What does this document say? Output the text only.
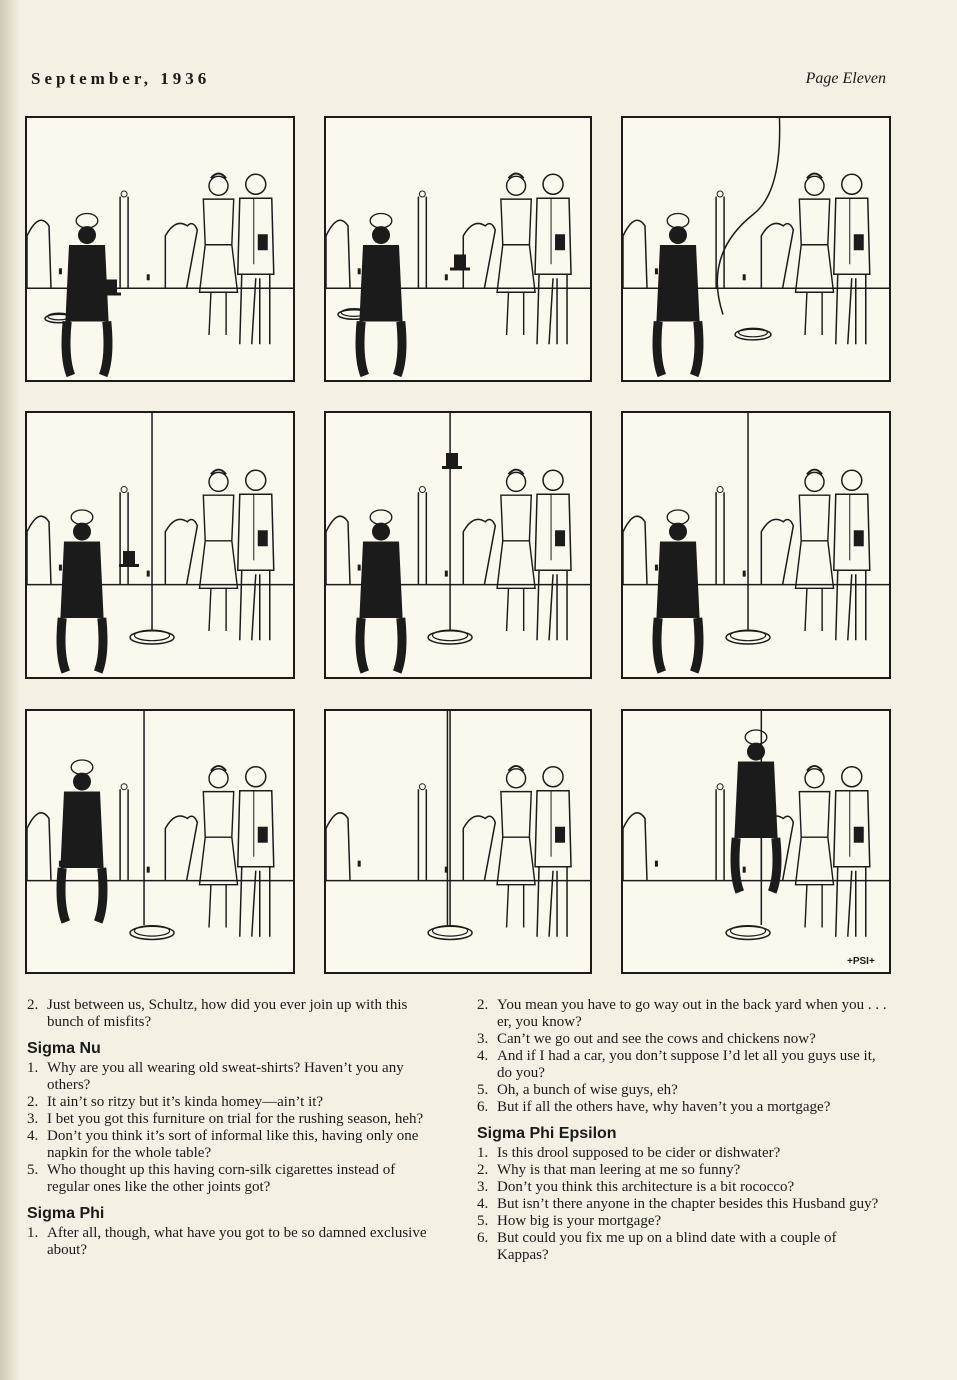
September, 1936	Page Eleven
+PSI+
2. Just between us, Schultz, how did you ever join up with this bunch of misfits?
Sigma Nu
1. Why are you all wearing old sweat-shirts? Haven’t you any others?
2. It ain’t so ritzy but it’s kinda homey—ain’t it?
3. I bet you got this furniture on trial for the rushing season, heh?
4. Don’t you think it’s sort of informal like this, having only one napkin for the whole table?
5. Who thought up this having corn-silk cigarettes instead of regular ones like the other joints got?
Sigma Phi
1. After all, though, what have you got to be so damned exclusive about?
2. You mean you have to go way out in the back yard when you . . . er, you know?
3. Can’t we go out and see the cows and chickens now?
4. And if I had a car, you don’t suppose I’d let all you guys use it, do you?
5. Oh, a bunch of wise guys, eh?
6. But if all the others have, why haven’t you a mortgage?
Sigma Phi Epsilon
1. Is this drool supposed to be cider or dishwater?
2. Why is that man leering at me so funny?
3. Don’t you think this architecture is a bit rococco?
4. But isn’t there anyone in the chapter besides this Husband guy?
5. How big is your mortgage?
6. But could you fix me up on a blind date with a couple of Kappas?
